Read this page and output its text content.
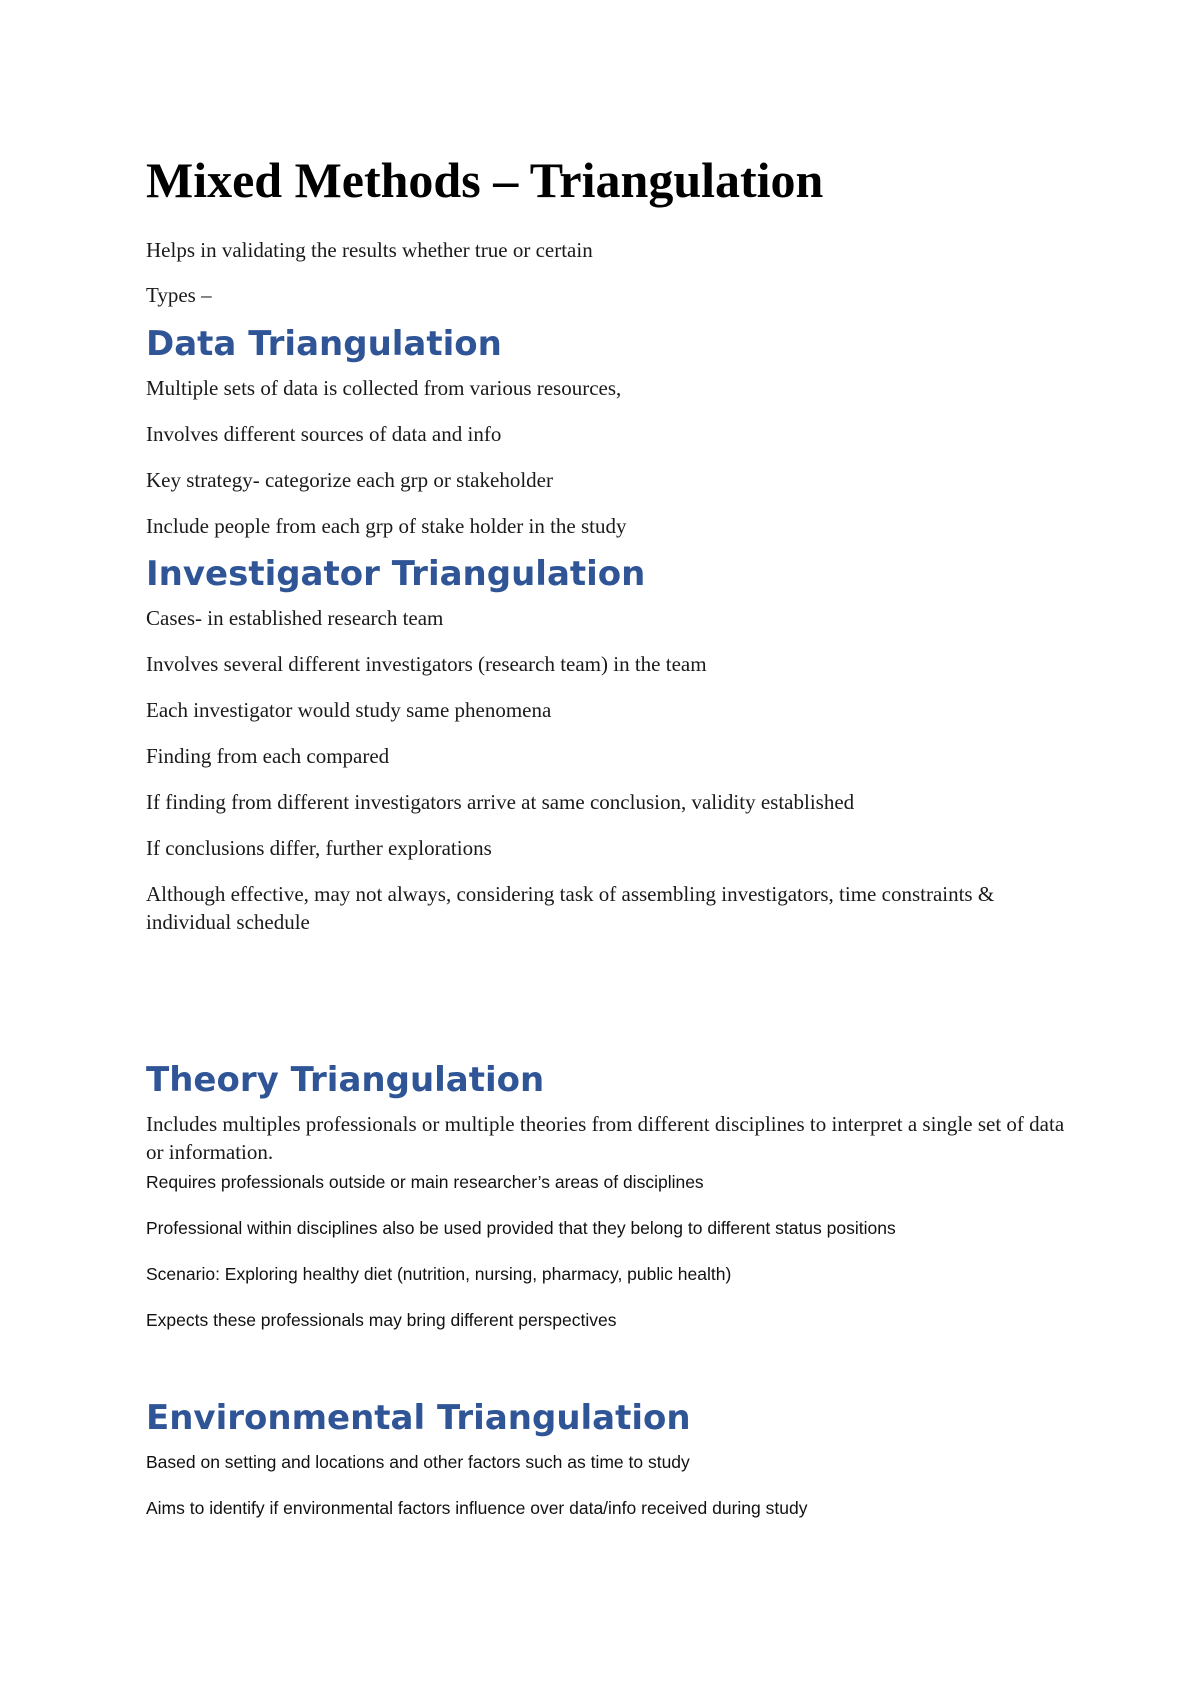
Mixed Methods – Triangulation

Helps in validating the results whether true or certain

Types –

Data Triangulation

Multiple sets of data is collected from various resources,

Involves different sources of data and info

Key strategy- categorize each grp or stakeholder

Include people from each grp of stake holder in the study

Investigator Triangulation

Cases- in established research team

Involves several different investigators (research team) in the team

Each investigator would study same phenomena

Finding from each compared

If finding from different investigators arrive at same conclusion, validity established

If conclusions differ, further explorations

Although effective, may not always, considering task of assembling investigators, time constraints & individual schedule

Theory Triangulation

Includes multiples professionals or multiple theories from different disciplines to interpret a single set of data or information.

Requires professionals outside or main researcher’s areas of disciplines

Professional within disciplines also be used provided that they belong to different status positions

Scenario: Exploring healthy diet (nutrition, nursing, pharmacy, public health)

Expects these professionals may bring different perspectives

Environmental Triangulation

Based on setting and locations and other factors such as time to study

Aims to identify if environmental factors influence over data/info received during study
